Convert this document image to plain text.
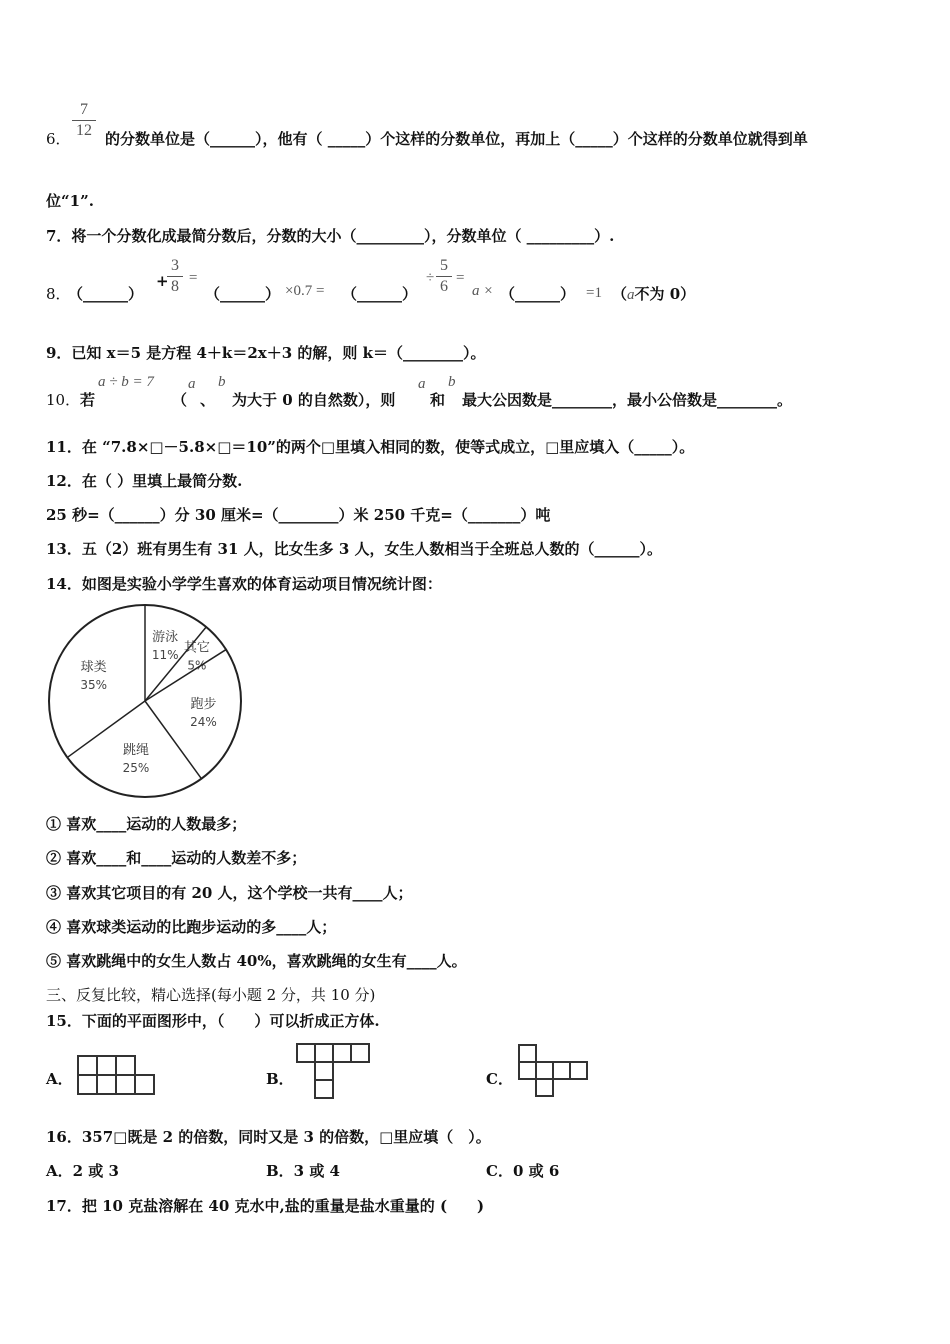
6． 的分数单位是（______），他有（ _____）个这样的分数单位，再加上（_____）个这样的分数单位就得到单
7
12
位“1”.
7．将一个分数化成最简分数后，分数的大小（_________），分数单位（ _________）.
8．
（______）
+
3
8 =
（______） ×0.7 = （______）
÷
5
6 =
a × （______） =1 （a不为 0）
9．已知 x＝5 是方程 4＋k＝2x＋3 的解，则 k＝（________）。
10． 若
a ÷ b = 7
（
a
、
b
为大于 0 的自然数），则
a
和
b
最大公因数是________，最小公倍数是________。
11．在 “7.8×□－5.8×□＝10”的两个□里填入相同的数，使等式成立，□里应填入（_____）。
12．在（ ）里填上最简分数.
25 秒=（______）分 30 厘米=（________）米 250 千克=（_______）吨
13．五（2）班有男生有 31 人，比女生多 3 人，女生人数相当于全班总人数的（______）。
14．如图是实验小学学生喜欢的体育运动项目情况统计图：
游泳
11% 其它
5%
跑步
24%
跳绳
25%
球类
35%
① 喜欢____运动的人数最多；
② 喜欢____和____运动的人数差不多；
③ 喜欢其它项目的有 20 人，这个学校一共有____人；
④ 喜欢球类运动的比跑步运动的多____人；
⑤ 喜欢跳绳中的女生人数占 40%，喜欢跳绳的女生有____人。
三、反复比较，精心选择(每小题 2 分，共 10 分)
15．下面的平面图形中，（　　）可以折成正方体.
A．	B．	C．
16．357□既是 2 的倍数，同时又是 3 的倍数，□里应填（　）。
A．2 或 3	B．3 或 4	C．0 或 6
17．把 10 克盐溶解在 40 克水中,盐的重量是盐水重量的 (　　)
